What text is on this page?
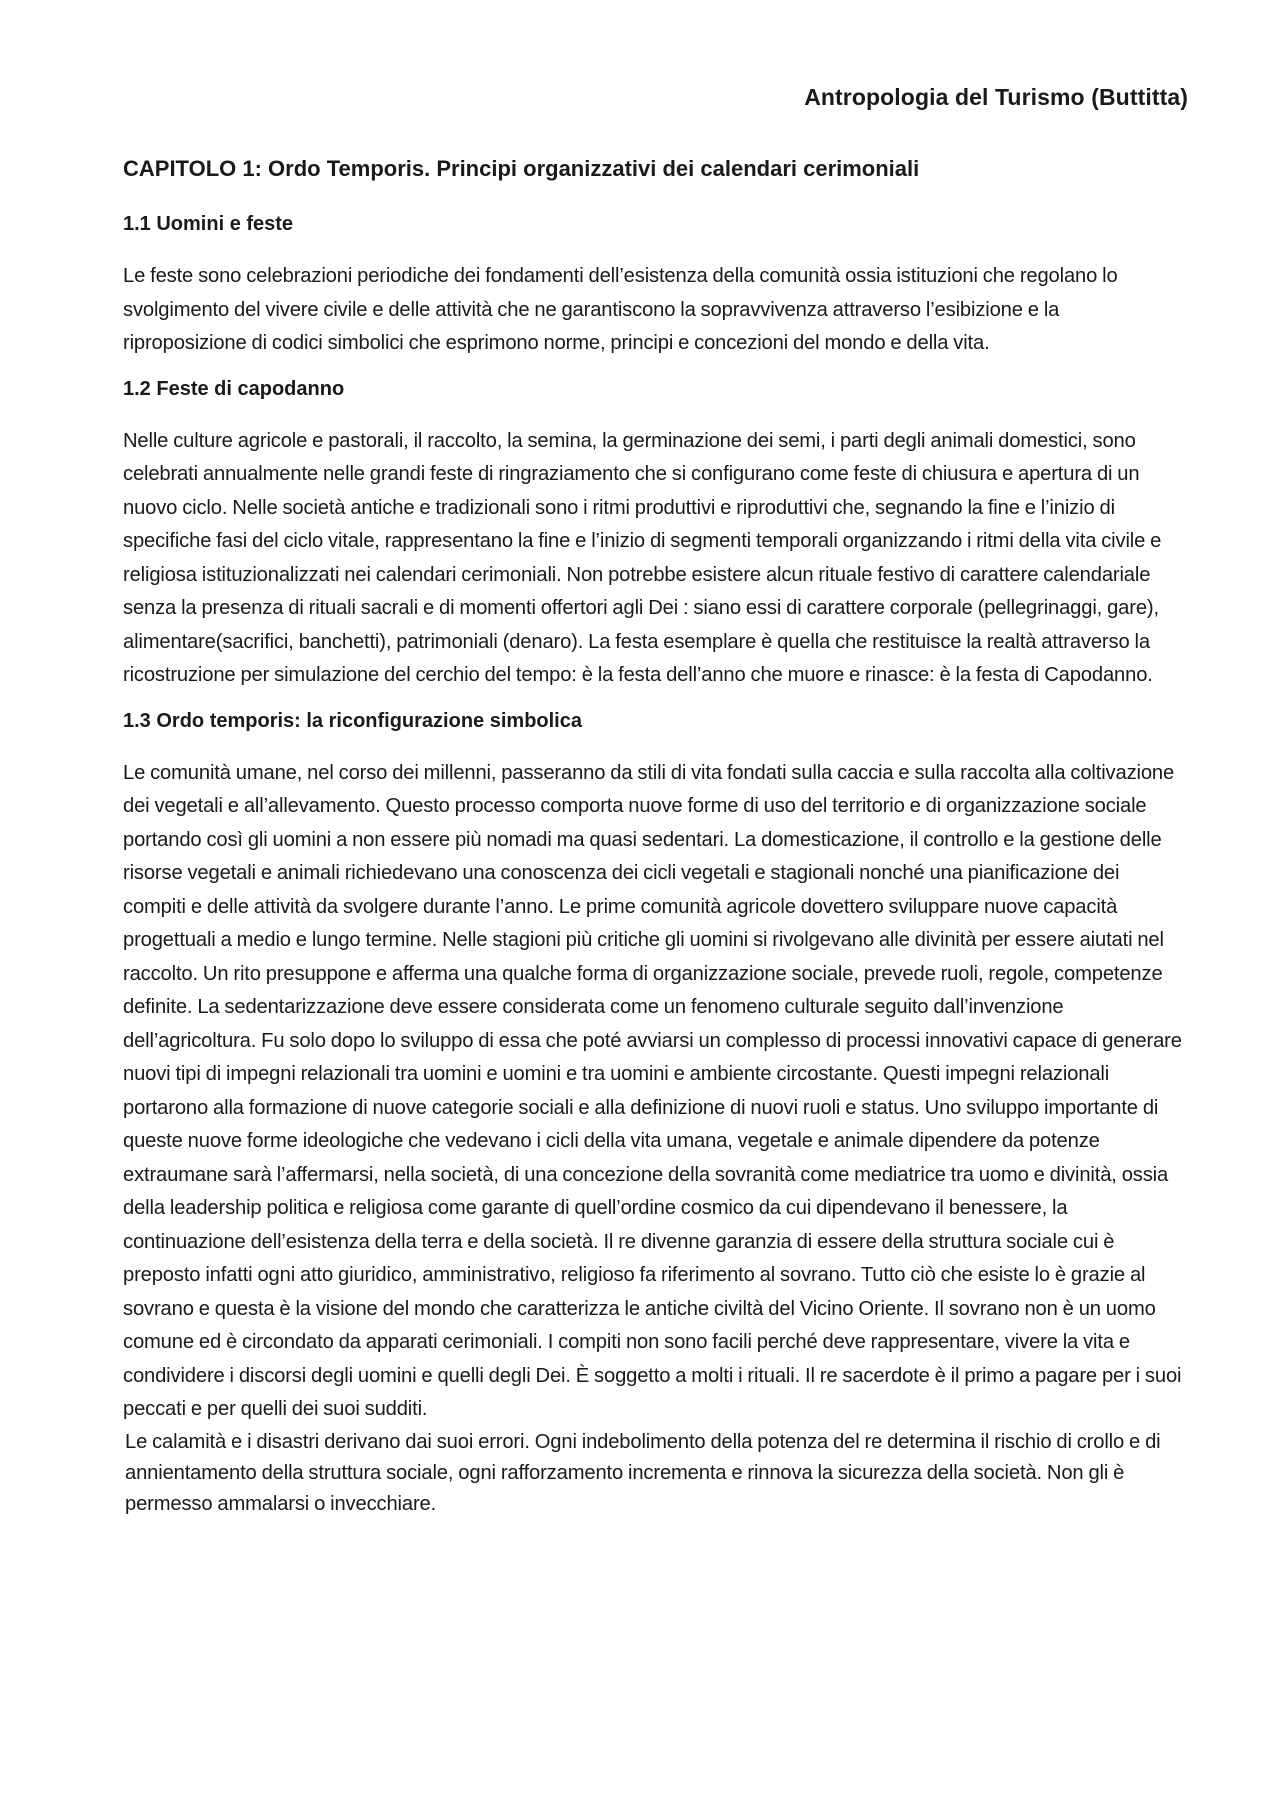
Antropologia del Turismo (Buttitta)
CAPITOLO 1: Ordo Temporis. Principi organizzativi dei calendari cerimoniali
1.1 Uomini e feste

Le feste sono celebrazioni periodiche dei fondamenti dell’esistenza della comunità ossia istituzioni che regolano lo svolgimento del vivere civile e delle attività che ne garantiscono la sopravvivenza attraverso l’esibizione e la riproposizione di codici simbolici che esprimono norme, principi e concezioni del mondo e della vita.

1.2 Feste di capodanno

Nelle culture agricole e pastorali, il raccolto, la semina, la germinazione dei semi, i parti degli animali domestici, sono celebrati annualmente nelle grandi feste di ringraziamento che si configurano come feste di chiusura e apertura di un nuovo ciclo. Nelle società antiche e tradizionali sono i ritmi produttivi e riproduttivi che, segnando la fine e l’inizio di specifiche fasi del ciclo vitale, rappresentano la fine e l’inizio di segmenti temporali organizzando i ritmi della vita civile e religiosa istituzionalizzati nei calendari cerimoniali. Non potrebbe esistere alcun rituale festivo di carattere calendariale senza la presenza di rituali sacrali e di momenti offertori agli Dei : siano essi di carattere corporale (pellegrinaggi, gare), alimentare(sacrifici, banchetti), patrimoniali (denaro). La festa esemplare è quella che restituisce la realtà attraverso la ricostruzione per simulazione del cerchio del tempo: è la festa dell’anno che muore e rinasce: è la festa di Capodanno.

1.3 Ordo temporis: la riconfigurazione simbolica

Le comunità umane, nel corso dei millenni, passeranno da stili di vita fondati sulla caccia e sulla raccolta alla coltivazione dei vegetali e all’allevamento. Questo processo comporta nuove forme di uso del territorio e di organizzazione sociale portando così gli uomini a non essere più nomadi ma quasi sedentari. La domesticazione, il controllo e la gestione delle risorse vegetali e animali richiedevano una conoscenza dei cicli vegetali e stagionali nonché una pianificazione dei compiti e delle attività da svolgere durante l’anno. Le prime comunità agricole dovettero sviluppare nuove capacità progettuali a medio e lungo termine. Nelle stagioni più critiche gli uomini si rivolgevano alle divinità per essere aiutati nel raccolto. Un rito presuppone e afferma una qualche forma di organizzazione sociale, prevede ruoli, regole, competenze definite. La sedentarizzazione deve essere considerata come un fenomeno culturale seguito dall’invenzione dell’agricoltura. Fu solo dopo lo sviluppo di essa che poté avviarsi un complesso di processi innovativi capace di generare nuovi tipi di impegni relazionali tra uomini e uomini e tra uomini e ambiente circostante. Questi impegni relazionali portarono alla formazione di nuove categorie sociali e alla definizione di nuovi ruoli e status. Uno sviluppo importante di queste nuove forme ideologiche che vedevano i cicli della vita umana, vegetale e animale dipendere da potenze extraumane sarà l’affermarsi, nella società, di una concezione della sovranità come mediatrice tra uomo e divinità, ossia della leadership politica e religiosa come garante di quell’ordine cosmico da cui dipendevano il benessere, la continuazione dell’esistenza della terra e della società. Il re divenne garanzia di essere della struttura sociale cui è preposto infatti ogni atto giuridico, amministrativo, religioso fa riferimento al sovrano. Tutto ciò che esiste lo è grazie al sovrano e questa è la visione del mondo che caratterizza le antiche civiltà del Vicino Oriente. Il sovrano non è un uomo comune ed è circondato da apparati cerimoniali. I compiti non sono facili perché deve rappresentare, vivere la vita e condividere i discorsi degli uomini e quelli degli Dei. È soggetto a molti i rituali. Il re sacerdote è il primo a pagare per i suoi peccati e per quelli dei suoi sudditi.

Le calamità e i disastri derivano dai suoi errori. Ogni indebolimento della potenza del re determina il rischio di crollo e di annientamento della struttura sociale, ogni rafforzamento incrementa e rinnova la sicurezza della società. Non gli è permesso ammalarsi o invecchiare.
